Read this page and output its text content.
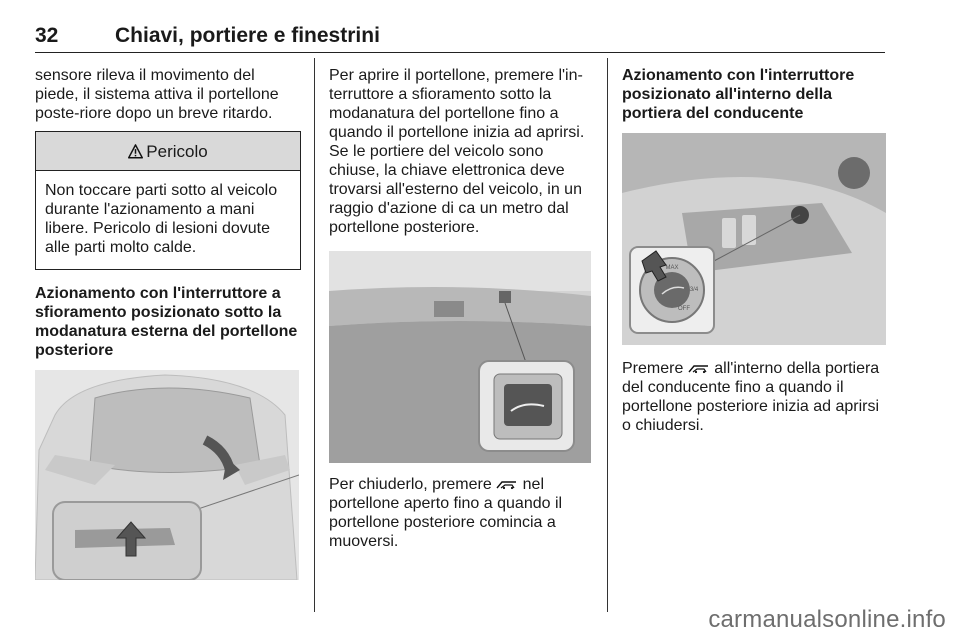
32	Chiavi, portiere e finestrini

sensore rileva il movimento del piede, il sistema attiva il portellone poste-riore dopo un breve ritardo.

Pericolo
Non toccare parti sotto al veicolo durante l'azionamento a mani libere. Pericolo di lesioni dovute alle parti molto calde.

Azionamento con l'interruttore a sfioramento posizionato sotto la modanatura esterna del portellone posteriore

Per aprire il portellone, premere l'in-terruttore a sfioramento sotto la modanatura del portellone fino a quando il portellone inizia ad aprirsi. Se le portiere del veicolo sono chiuse, la chiave elettronica deve trovarsi all'esterno del veicolo, in un raggio d'azione di ca un metro dal portellone posteriore.

Per chiuderlo, premere nel portellone aperto fino a quando il portellone posteriore comincia a muoversi.

Azionamento con l'interruttore posizionato all'interno della portiera del conducente

MAX
3/4
OFF

Premere all'interno della portiera del conducente fino a quando il portellone posteriore inizia ad aprirsi o chiudersi.

carmanualsonline.info
